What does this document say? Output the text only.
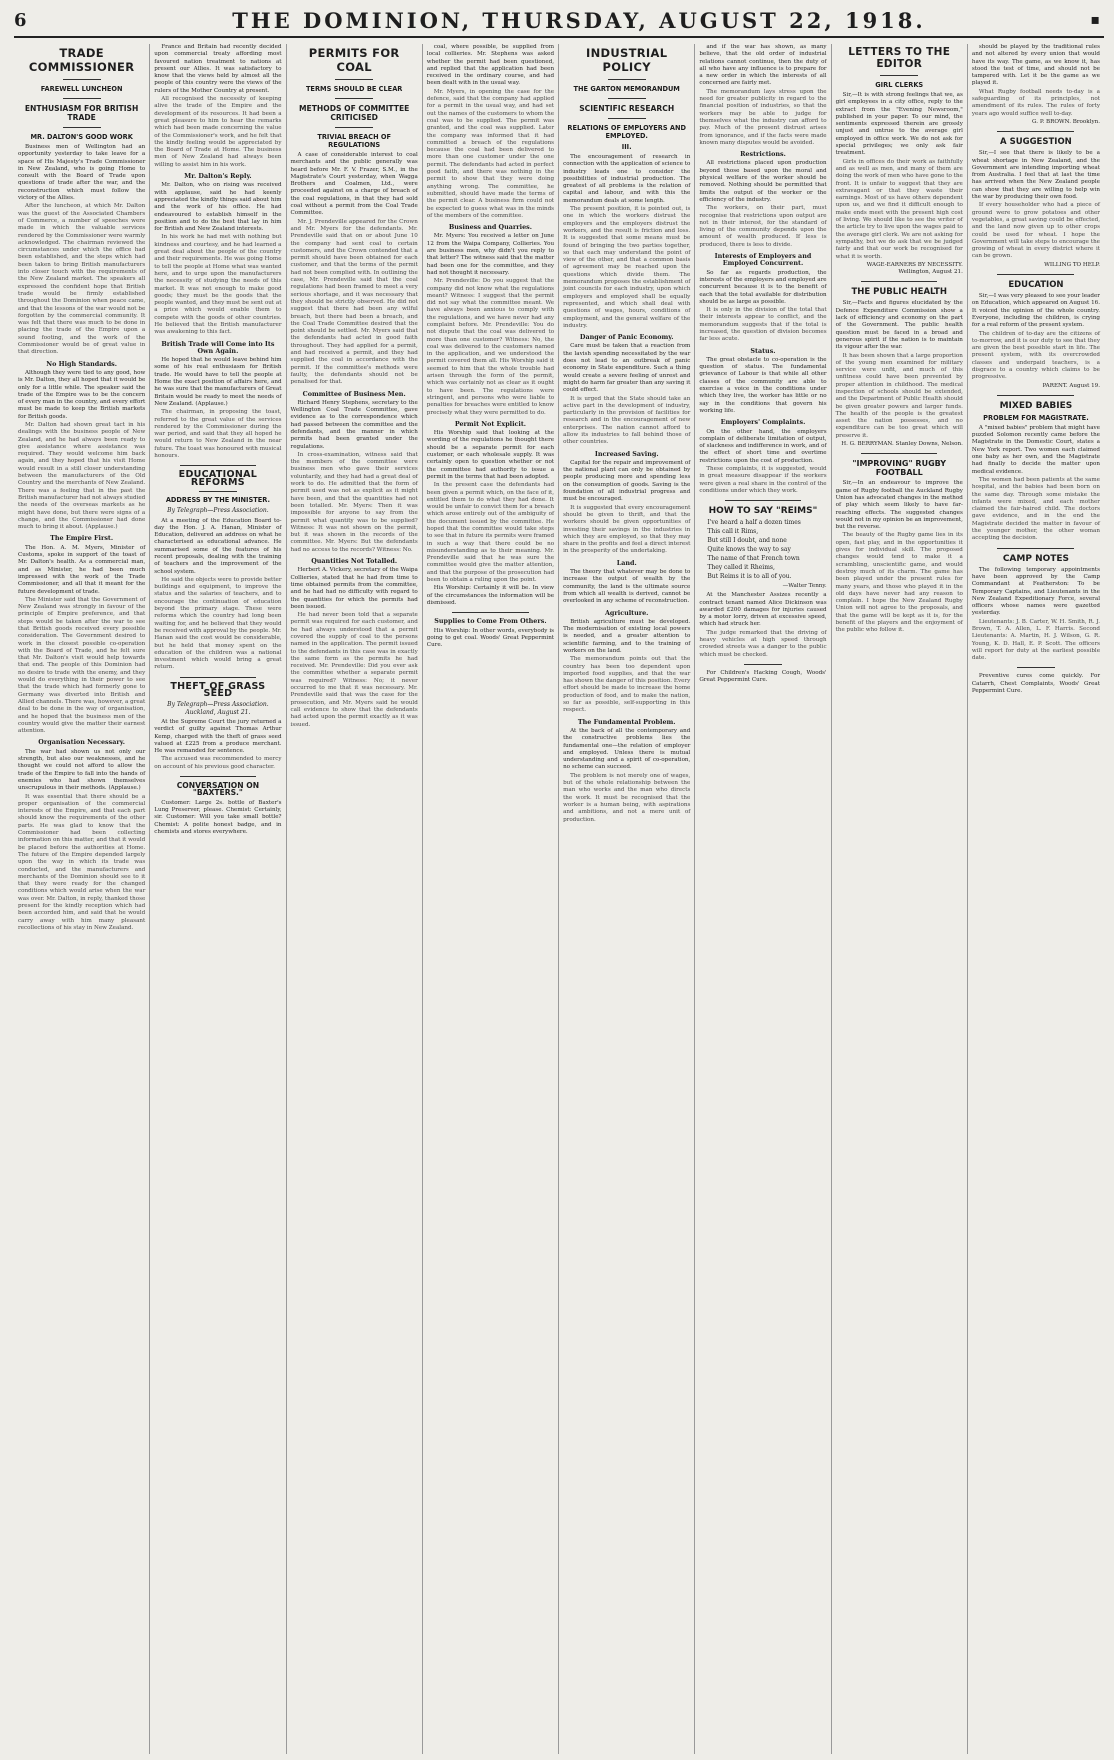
6	THE DOMINION, THURSDAY, AUGUST 22, 1918.	▪
TRADE COMMISSIONER
FAREWELL LUNCHEON
ENTHUSIASM FOR BRITISH TRADE
MR. DALTON'S GOOD WORK

Business men of Wellington had an opportunity yesterday to take leave for a space of His Majesty's Trade Commissioner in New Zealand, who is going Home to consult with the Board of Trade upon questions of trade after the war, and the reconstruction which must follow the victory of the Allies.

After the luncheon, at which Mr. Dalton was the guest of the Associated Chambers of Commerce, a number of speeches were made in which the valuable services rendered by the Commissioner were warmly acknowledged. The chairman reviewed the circumstances under which the office had been established, and the steps which had been taken to bring British manufacturers into closer touch with the requirements of the New Zealand market. The speakers all expressed the confident hope that British trade would be firmly established throughout the Dominion when peace came, and that the lessons of the war would not be forgotten by the commercial community. It was felt that there was much to be done in placing the trade of the Empire upon a sound footing, and the work of the Commissioner would be of great value in that direction.

No High Standards.

Although they were tied to any good, how is Mr. Dalton, they all hoped that it would be only for a little while. The speaker said the trade of the Empire was to be the concern of every man in the country, and every effort must be made to keep the British markets for British goods.

Mr. Dalton had shown great tact in his dealings with the business people of New Zealand, and he had always been ready to give assistance where assistance was required. They would welcome him back again, and they hoped that his visit Home would result in a still closer understanding between the manufacturers of the Old Country and the merchants of New Zealand. There was a feeling that in the past the British manufacturer had not always studied the needs of the overseas markets as he might have done, but there were signs of a change, and the Commissioner had done much to bring it about. (Applause.)

The Empire First.

The Hon. A. M. Myers, Minister of Customs, spoke in support of the toast of Mr. Dalton's health. As a commercial man, and as Minister, he had been much impressed with the work of the Trade Commissioner, and all that it meant for the future development of trade.

The Minister said that the Government of New Zealand was strongly in favour of the principle of Empire preference, and that steps would be taken after the war to see that British goods received every possible consideration. The Government desired to work in the closest possible co-operation with the Board of Trade, and he felt sure that Mr. Dalton's visit would help towards that end. The people of this Dominion had no desire to trade with the enemy, and they would do everything in their power to see that the trade which had formerly gone to Germany was diverted into British and Allied channels. There was, however, a great deal to be done in the way of organisation, and he hoped that the business men of the country would give the matter their earnest attention.

Organisation Necessary.

The war had shown us not only our strength, but also our weaknesses, and he thought we could not afford to allow the trade of the Empire to fall into the hands of enemies who had shown themselves unscrupulous in their methods. (Applause.)

It was essential that there should be a proper organisation of the commercial interests of the Empire, and that each part should know the requirements of the other parts. He was glad to know that the Commissioner had been collecting information on this matter, and that it would be placed before the authorities at Home. The future of the Empire depended largely upon the way in which its trade was conducted, and the manufacturers and merchants of the Dominion should see to it that they were ready for the changed conditions which would arise when the war was over. Mr. Dalton, in reply, thanked those present for the kindly reception which had been accorded him, and said that he would carry away with him many pleasant recollections of his stay in New Zealand.

France and Britain had recently decided upon commercial treaty affording most favoured nation treatment to nations at present our Allies. It was satisfactory to know that the views held by almost all the people of this country were the views of the rulers of the Mother Country at present.

All recognised the necessity of keeping alive the trade of the Empire and the development of its resources. It had been a great pleasure to him to hear the remarks which had been made concerning the value of the Commissioner's work, and he felt that the kindly feeling would be appreciated by the Board of Trade at Home. The business men of New Zealand had always been willing to assist him in his work.

Mr. Dalton's Reply.

Mr. Dalton, who on rising was received with applause, said he had keenly appreciated the kindly things said about him and the work of his office. He had endeavoured to establish himself in the position and to do the best that lay in him for British and New Zealand interests.

In his work he had met with nothing but kindness and courtesy, and he had learned a great deal about the people of the country and their requirements. He was going Home to tell the people at Home what was wanted here, and to urge upon the manufacturers the necessity of studying the needs of this market. It was not enough to make good goods; they must be the goods that the people wanted, and they must be sent out at a price which would enable them to compete with the goods of other countries. He believed that the British manufacturer was awakening to this fact.

British Trade will Come into Its Own Again.

He hoped that he would leave behind him some of his real enthusiasm for British trade. He would have to tell the people at Home the exact position of affairs here, and he was sure that the manufacturers of Great Britain would be ready to meet the needs of New Zealand. (Applause.)

The chairman, in proposing the toast, referred to the great value of the services rendered by the Commissioner during the war period, and said that they all hoped he would return to New Zealand in the near future. The toast was honoured with musical honours.

EDUCATIONAL REFORMS
ADDRESS BY THE MINISTER.
By Telegraph—Press Association.

At a meeting of the Education Board to-day the Hon. J. A. Hanan, Minister of Education, delivered an address on what he characterised as educational advance. He summarised some of the features of his recent proposals, dealing with the training of teachers and the improvement of the school system.

He said the objects were to provide better buildings and equipment, to improve the status and the salaries of teachers, and to encourage the continuation of education beyond the primary stage. These were reforms which the country had long been waiting for, and he believed that they would be received with approval by the people. Mr. Hanan said the cost would be considerable, but he held that money spent on the education of the children was a national investment which would bring a great return.

THEFT OF GRASS SEED
By Telegraph—Press Association. Auckland, August 21.

At the Supreme Court the jury returned a verdict of guilty against Thomas Arthur Kemp, charged with the theft of grass seed valued at £225 from a produce merchant. He was remanded for sentence.

The accused was recommended to mercy on account of his previous good character.

CONVERSATION ON "BAXTERS."

Customer: Large 2s. bottle of Baxter's Lung Preserver, please. Chemist: Certainly, sir. Customer: Will you take small bottle? Chemist: A polite honest badge, and in chemists and stores everywhere.

PERMITS FOR COAL
TERMS SHOULD BE CLEAR
METHODS OF COMMITTEE CRITICISED
TRIVIAL BREACH OF REGULATIONS

A case of considerable interest to coal merchants and the public generally was heard before Mr. F. V. Frazer, S.M., in the Magistrate's Court yesterday, when Wagga Brothers and Coalmen, Ltd., were proceeded against on a charge of breach of the coal regulations, in that they had sold coal without a permit from the Coal Trade Committee.

Mr. J. Prendeville appeared for the Crown and Mr. Myers for the defendants. Mr. Prendeville said that on or about June 10 the company had sent coal to certain customers, and the Crown contended that a permit should have been obtained for each customer, and that the terms of the permit had not been complied with. In outlining the case, Mr. Prendeville said that the coal regulations had been framed to meet a very serious shortage, and it was necessary that they should be strictly observed. He did not suggest that there had been any wilful breach, but there had been a breach, and the Coal Trade Committee desired that the point should be settled. Mr. Myers said that the defendants had acted in good faith throughout. They had applied for a permit, and had received a permit, and they had supplied the coal in accordance with the permit. If the committee's methods were faulty, the defendants should not be penalised for that.

Committee of Business Men.

Richard Henry Stephens, secretary to the Wellington Coal Trade Committee, gave evidence as to the correspondence which had passed between the committee and the defendants, and the manner in which permits had been granted under the regulations.

In cross-examination, witness said that the members of the committee were business men who gave their services voluntarily, and they had had a great deal of work to do. He admitted that the form of permit used was not as explicit as it might have been, and that the quantities had not been totalled. Mr. Myers: Then it was impossible for anyone to say from the permit what quantity was to be supplied? Witness: It was not shown on the permit, but it was shown in the records of the committee. Mr. Myers: But the defendants had no access to the records? Witness: No.

Quantities Not Totalled.

Herbert A. Vickery, secretary of the Waipa Collieries, stated that he had from time to time obtained permits from the committee, and he had had no difficulty with regard to the quantities for which the permits had been issued.

He had never been told that a separate permit was required for each customer, and he had always understood that a permit covered the supply of coal to the persons named in the application. The permit issued to the defendants in this case was in exactly the same form as the permits he had received. Mr. Prendeville: Did you ever ask the committee whether a separate permit was required? Witness: No; it never occurred to me that it was necessary. Mr. Prendeville said that was the case for the prosecution, and Mr. Myers said he would call evidence to show that the defendants had acted upon the permit exactly as it was issued.

coal, where possible, be supplied from local collieries. Mr. Stephens was asked whether the permit had been questioned, and replied that the application had been received in the ordinary course, and had been dealt with in the usual way.

Mr. Myers, in opening the case for the defence, said that the company had applied for a permit in the usual way, and had set out the names of the customers to whom the coal was to be supplied. The permit was granted, and the coal was supplied. Later the company was informed that it had committed a breach of the regulations because the coal had been delivered to more than one customer under the one permit. The defendants had acted in perfect good faith, and there was nothing in the permit to show that they were doing anything wrong. The committee, he submitted, should have made the terms of the permit clear. A business firm could not be expected to guess what was in the minds of the members of the committee.

Business and Quarries.

Mr. Myers: You received a letter on June 12 from the Waipa Company, Collieries. You are business men, why didn't you reply to that letter? The witness said that the matter had been one for the committee, and they had not thought it necessary.

Mr. Prendeville: Do you suggest that the company did not know what the regulations meant? Witness: I suggest that the permit did not say what the committee meant. We have always been anxious to comply with the regulations, and we have never had any complaint before. Mr. Prendeville: You do not dispute that the coal was delivered to more than one customer? Witness: No, the coal was delivered to the customers named in the application, and we understood the permit covered them all. His Worship said it seemed to him that the whole trouble had arisen through the form of the permit, which was certainly not as clear as it ought to have been. The regulations were stringent, and persons who were liable to penalties for breaches were entitled to know precisely what they were permitted to do.

Permit Not Explicit.

His Worship said that looking at the wording of the regulations he thought there should be a separate permit for each customer, or each wholesale supply. It was certainly open to question whether or not the committee had authority to issue a permit in the terms that had been adopted.

In the present case the defendants had been given a permit which, on the face of it, entitled them to do what they had done. It would be unfair to convict them for a breach which arose entirely out of the ambiguity of the document issued by the committee. He hoped that the committee would take steps to see that in future its permits were framed in such a way that there could be no misunderstanding as to their meaning. Mr. Prendeville said that he was sure the committee would give the matter attention, and that the purpose of the prosecution had been to obtain a ruling upon the point.

His Worship: Certainly it will be. In view of the circumstances the information will be dismissed.

Supplies to Come From Others.

His Worship: In other words, everybody is going to get coal. Woods' Great Peppermint Cure.

INDUSTRIAL POLICY
THE GARTON MEMORANDUM
SCIENTIFIC RESEARCH
RELATIONS OF EMPLOYERS AND EMPLOYED.
III.

The encouragement of research in connection with the application of science to industry leads one to consider the possibilities of industrial production. The greatest of all problems is the relation of capital and labour, and with this the memorandum deals at some length.

The present position, it is pointed out, is one in which the workers distrust the employers and the employers distrust the workers, and the result is friction and loss. It is suggested that some means must be found of bringing the two parties together, so that each may understand the point of view of the other, and that a common basis of agreement may be reached upon the questions which divide them. The memorandum proposes the establishment of joint councils for each industry, upon which employers and employed shall be equally represented, and which shall deal with questions of wages, hours, conditions of employment, and the general welfare of the industry.

Danger of Panic Economy.

Care must be taken that a reaction from the lavish spending necessitated by the war does not lead to an outbreak of panic economy in State expenditure. Such a thing would create a severe feeling of unrest and might do harm far greater than any saving it could effect.

It is urged that the State should take an active part in the development of industry, particularly in the provision of facilities for research and in the encouragement of new enterprises. The nation cannot afford to allow its industries to fall behind those of other countries.

Increased Saving.

Capital for the repair and improvement of the national plant can only be obtained by people producing more and spending less on the consumption of goods. Saving is the foundation of all industrial progress and must be encouraged.

It is suggested that every encouragement should be given to thrift, and that the workers should be given opportunities of investing their savings in the industries in which they are employed, so that they may share in the profits and feel a direct interest in the prosperity of the undertaking.

Land.

The theory that whatever may be done to increase the output of wealth by the community, the land is the ultimate source from which all wealth is derived, cannot be overlooked in any scheme of reconstruction.

Agriculture.

British agriculture must be developed. The modernisation of existing local powers is needed, and a greater attention to scientific farming, and to the training of workers on the land.

The memorandum points out that the country has been too dependent upon imported food supplies, and that the war has shown the danger of this position. Every effort should be made to increase the home production of food, and to make the nation, so far as possible, self-supporting in this respect.

The Fundamental Problem.

At the back of all the contemporary and the constructive problems lies the fundamental one—the relation of employer and employed. Unless there is mutual understanding and a spirit of co-operation, no scheme can succeed.

The problem is not merely one of wages, but of the whole relationship between the man who works and the man who directs the work. It must be recognised that the worker is a human being, with aspirations and ambitions, and not a mere unit of production.

and if the war has shown, as many believe, that the old order of industrial relations cannot continue, then the duty of all who have any influence is to prepare for a new order in which the interests of all concerned are fairly met.

The memorandum lays stress upon the need for greater publicity in regard to the financial position of industries, so that the workers may be able to judge for themselves what the industry can afford to pay. Much of the present distrust arises from ignorance, and if the facts were made known many disputes would be avoided.

Restrictions.

All restrictions placed upon production beyond those based upon the moral and physical welfare of the worker should be removed. Nothing should be permitted that limits the output of the worker or the efficiency of the industry.

The workers, on their part, must recognise that restrictions upon output are not in their interest, for the standard of living of the community depends upon the amount of wealth produced. If less is produced, there is less to divide.

Interests of Employers and Employed Concurrent.

So far as regards production, the interests of the employers and employed are concurrent because it is to the benefit of each that the total available for distribution should be as large as possible.

It is only in the division of the total that their interests appear to conflict, and the memorandum suggests that if the total is increased, the question of division becomes far less acute.

Status.

The great obstacle to co-operation is the question of status. The fundamental grievance of Labour is that while all other classes of the community are able to exercise a voice in the conditions under which they live, the worker has little or no say in the conditions that govern his working life.

Employers' Complaints.

On the other hand, the employers complain of deliberate limitation of output, of slackness and indifference in work, and of the effect of short time and overtime restrictions upon the cost of production.

These complaints, it is suggested, would in great measure disappear if the workers were given a real share in the control of the conditions under which they work.

HOW TO SAY "REIMS"
I've heard a half a dozen times
This call it Rims,
But still I doubt, and none
Quite knows the way to say
The name of that French town
They called it Rheims,
But Reims it is to all of you.
—Walter Tenny.

At the Manchester Assizes recently a contract tenant named Alice Dickinson was awarded £200 damages for injuries caused by a motor lorry, driven at excessive speed, which had struck her.

The judge remarked that the driving of heavy vehicles at high speed through crowded streets was a danger to the public which must be checked.

For Children's Hacking Cough, Woods' Great Peppermint Cure.

LETTERS TO THE EDITOR
GIRL CLERKS

Sir,—It is with strong feelings that we, as girl employees in a city office, reply to the extract from the "Evening Newsroom," published in your paper. To our mind, the sentiments expressed therein are grossly unjust and untrue to the average girl employed in office work. We do not ask for special privileges; we only ask fair treatment.

Girls in offices do their work as faithfully and as well as men, and many of them are doing the work of men who have gone to the front. It is unfair to suggest that they are extravagant or that they waste their earnings. Most of us have others dependent upon us, and we find it difficult enough to make ends meet with the present high cost of living. We should like to see the writer of the article try to live upon the wages paid to the average girl clerk. We are not asking for sympathy, but we do ask that we be judged fairly and that our work be recognised for what it is worth.

WAGE-EARNERS BY NECESSITY. Wellington, August 21.
THE PUBLIC HEALTH

Sir,—Facts and figures elucidated by the Defence Expenditure Commission show a lack of efficiency and economy on the part of the Government. The public health question must be faced in a broad and generous spirit if the nation is to maintain its vigour after the war.

It has been shown that a large proportion of the young men examined for military service were unfit, and much of this unfitness could have been prevented by proper attention in childhood. The medical inspection of schools should be extended, and the Department of Public Health should be given greater powers and larger funds. The health of the people is the greatest asset the nation possesses, and no expenditure can be too great which will preserve it.

H. G. BERRYMAN. Stanley Downs, Nelson.
"IMPROVING" RUGBY FOOTBALL

Sir,—In an endeavour to improve the game of Rugby football the Auckland Rugby Union has advocated changes in the method of play which seem likely to have far-reaching effects. The suggested changes would not in my opinion be an improvement, but the reverse.

The beauty of the Rugby game lies in its open, fast play, and in the opportunities it gives for individual skill. The proposed changes would tend to make it a scrambling, unscientific game, and would destroy much of its charm. The game has been played under the present rules for many years, and those who played it in the old days have never had any reason to complain. I hope the New Zealand Rugby Union will not agree to the proposals, and that the game will be kept as it is, for the benefit of the players and the enjoyment of the public who follow it.

should be played by the traditional rules and not altered by every union that would have its way. The game, as we know it, has stood the test of time, and should not be tampered with. Let it be the game as we played it.

What Rugby football needs to-day is a safeguarding of its principles, not amendment of its rules. The rules of forty years ago would suffice well to-day.

G. P. BROWN. Brooklyn.
A SUGGESTION

Sir,—I see that there is likely to be a wheat shortage in New Zealand, and the Government are intending importing wheat from Australia. I feel that at last the time has arrived when the New Zealand people can show that they are willing to help win the war by producing their own food.

If every householder who had a piece of ground were to grow potatoes and other vegetables, a great saving could be effected, and the land now given up to other crops could be used for wheat. I hope the Government will take steps to encourage the growing of wheat in every district where it can be grown.

WILLING TO HELP.
EDUCATION

Sir,—I was very pleased to see your leader on Education, which appeared on August 16. It voiced the opinion of the whole country. Everyone, including the children, is crying for a real reform of the present system.

The children of to-day are the citizens of to-morrow, and it is our duty to see that they are given the best possible start in life. The present system, with its overcrowded classes and underpaid teachers, is a disgrace to a country which claims to be progressive.

PARENT. August 19.
MIXED BABIES
PROBLEM FOR MAGISTRATE.

A "mixed babies" problem that might have puzzled Solomon recently came before the Magistrate in the Domestic Court, states a New York report. Two women each claimed one baby as her own, and the Magistrate had finally to decide the matter upon medical evidence.

The women had been patients at the same hospital, and the babies had been born on the same day. Through some mistake the infants were mixed, and each mother claimed the fair-haired child. The doctors gave evidence, and in the end the Magistrate decided the matter in favour of the younger mother, the other woman accepting the decision.

CAMP NOTES

The following temporary appointments have been approved by the Camp Commandant at Featherston: To be Temporary Captains, and Lieutenants in the New Zealand Expeditionary Force, several officers whose names were gazetted yesterday.

Lieutenants: J. B. Carter, W. H. Smith, R. J. Brown, T. A. Allen, L. F. Harris. Second Lieutenants: A. Martin, H. J. Wilson, G. R. Young, K. D. Hall, E. P. Scott. The officers will report for duty at the earliest possible date.

Preventive cures come quickly. For Catarrh, Chest Complaints, Woods' Great Peppermint Cure.
